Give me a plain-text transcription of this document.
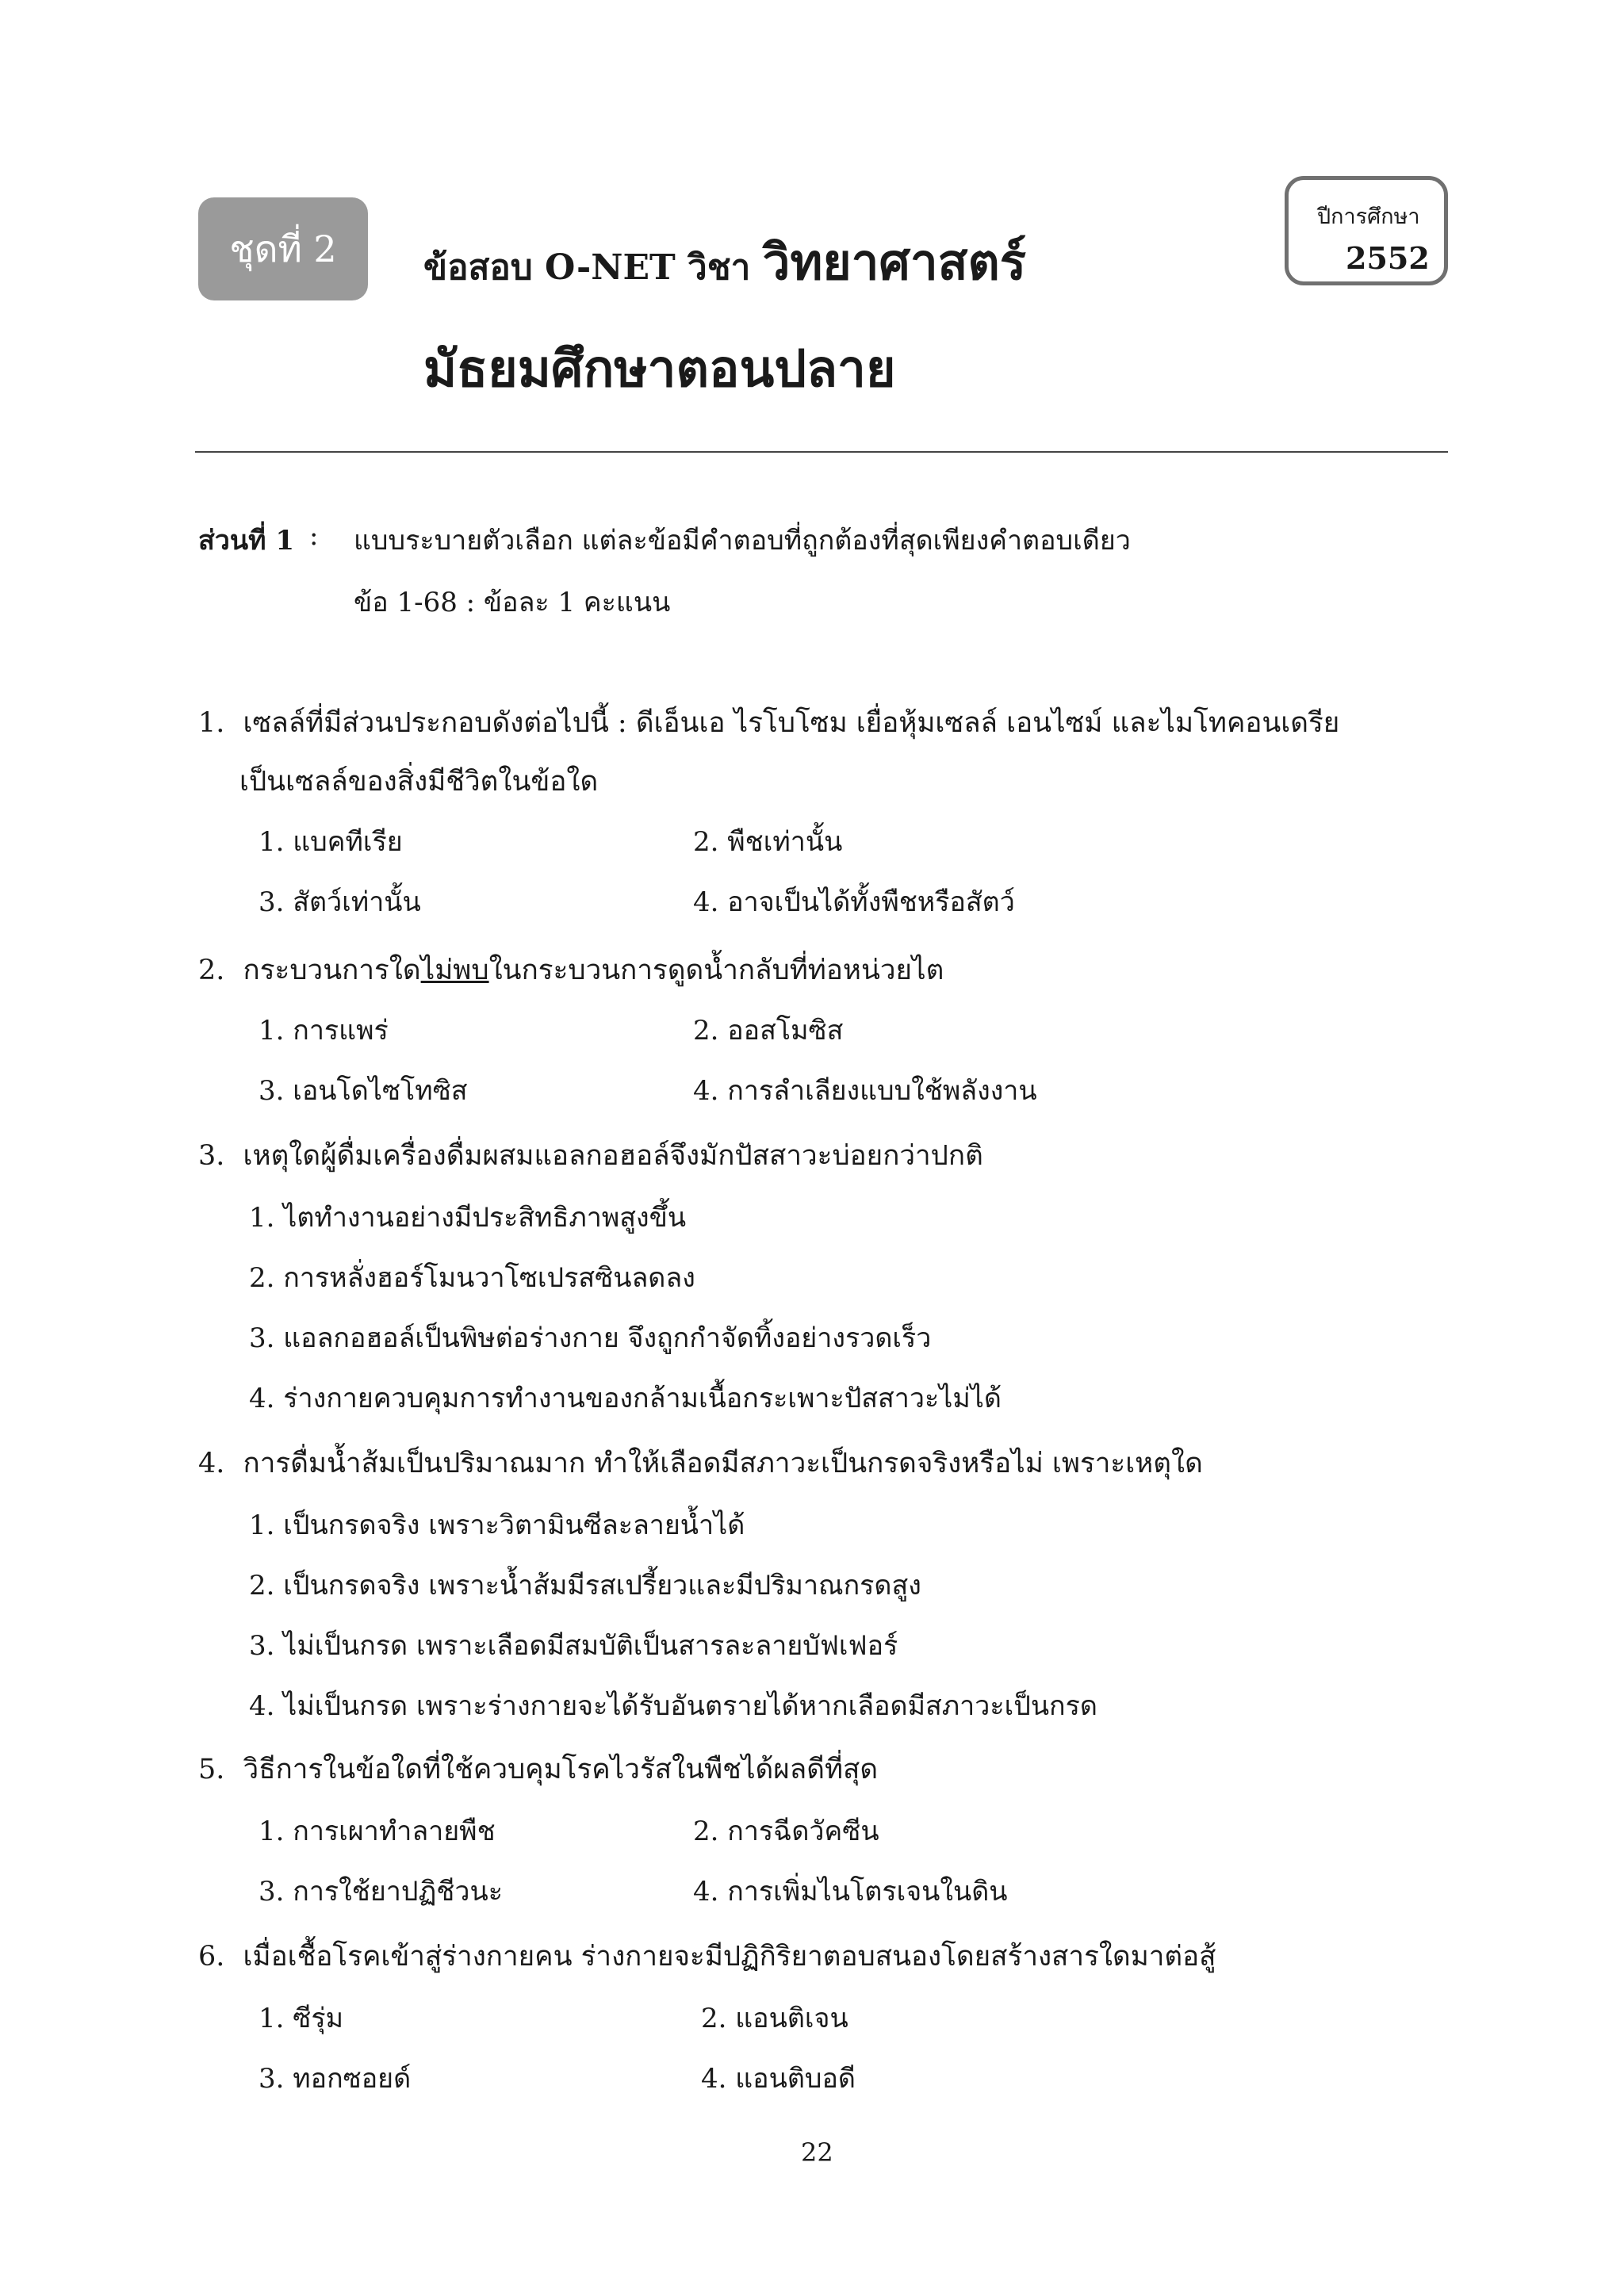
ชุดที่ 2 ข้อสอบ O-NET วิชา วิทยาศาสตร์
มัธยมศึกษาตอนปลาย
ปีการศึกษา
2552
ส่วนที่ 1 : แบบระบายตัวเลือก แต่ละข้อมีคำตอบที่ถูกต้องที่สุดเพียงคำตอบเดียว
ข้อ 1-68 : ข้อละ 1 คะแนน
1. เซลล์ที่มีส่วนประกอบดังต่อไปนี้ : ดีเอ็นเอ ไรโบโซม เยื่อหุ้มเซลล์ เอนไซม์ และไมโทคอนเดรีย
เป็นเซลล์ของสิ่งมีชีวิตในข้อใด
1. แบคทีเรีย	2. พืชเท่านั้น
3. สัตว์เท่านั้น	4. อาจเป็นได้ทั้งพืชหรือสัตว์
2. กระบวนการใดไม่พบในกระบวนการดูดน้ำกลับที่ท่อหน่วยไต
1. การแพร่	2. ออสโมซิส
3. เอนโดไซโทซิส	4. การลำเลียงแบบใช้พลังงาน
3. เหตุใดผู้ดื่มเครื่องดื่มผสมแอลกอฮอล์จึงมักปัสสาวะบ่อยกว่าปกติ
1. ไตทำงานอย่างมีประสิทธิภาพสูงขึ้น
2. การหลั่งฮอร์โมนวาโซเปรสซินลดลง
3. แอลกอฮอล์เป็นพิษต่อร่างกาย จึงถูกกำจัดทิ้งอย่างรวดเร็ว
4. ร่างกายควบคุมการทำงานของกล้ามเนื้อกระเพาะปัสสาวะไม่ได้
4. การดื่มน้ำส้มเป็นปริมาณมาก ทำให้เลือดมีสภาวะเป็นกรดจริงหรือไม่ เพราะเหตุใด
1. เป็นกรดจริง เพราะวิตามินซีละลายน้ำได้
2. เป็นกรดจริง เพราะน้ำส้มมีรสเปรี้ยวและมีปริมาณกรดสูง
3. ไม่เป็นกรด เพราะเลือดมีสมบัติเป็นสารละลายบัฟเฟอร์
4. ไม่เป็นกรด เพราะร่างกายจะได้รับอันตรายได้หากเลือดมีสภาวะเป็นกรด
5. วิธีการในข้อใดที่ใช้ควบคุมโรคไวรัสในพืชได้ผลดีที่สุด
1. การเผาทำลายพืช	2. การฉีดวัคซีน
3. การใช้ยาปฏิชีวนะ	4. การเพิ่มไนโตรเจนในดิน
6. เมื่อเชื้อโรคเข้าสู่ร่างกายคน ร่างกายจะมีปฏิกิริยาตอบสนองโดยสร้างสารใดมาต่อสู้
1. ซีรุ่ม	2. แอนติเจน
3. ทอกซอยด์	4. แอนติบอดี
22
